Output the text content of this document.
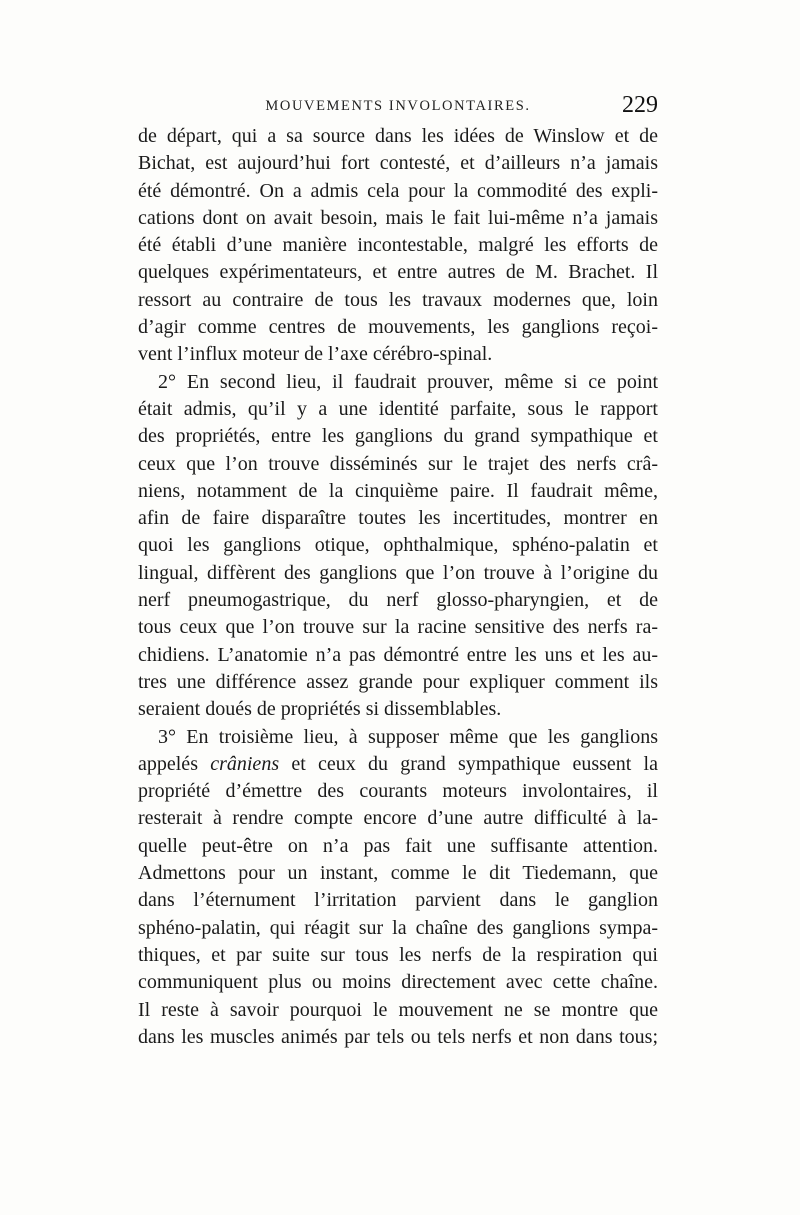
MOUVEMENTS INVOLONTAIRES.	229
de départ, qui a sa source dans les idées de Winslow et de
Bichat, est aujourd’hui fort contesté, et d’ailleurs n’a jamais
été démontré. On a admis cela pour la commodité des expli-
cations dont on avait besoin, mais le fait lui-même n’a jamais
été établi d’une manière incontestable, malgré les efforts de
quelques expérimentateurs, et entre autres de M. Brachet. Il
ressort au contraire de tous les travaux modernes que, loin
d’agir comme centres de mouvements, les ganglions reçoi-
vent l’influx moteur de l’axe cérébro-spinal.
2° En second lieu, il faudrait prouver, même si ce point
était admis, qu’il y a une identité parfaite, sous le rapport
des propriétés, entre les ganglions du grand sympathique et
ceux que l’on trouve disséminés sur le trajet des nerfs crâ-
niens, notamment de la cinquième paire. Il faudrait même,
afin de faire disparaître toutes les incertitudes, montrer en
quoi les ganglions otique, ophthalmique, sphéno-palatin et
lingual, diffèrent des ganglions que l’on trouve à l’origine du
nerf pneumogastrique, du nerf glosso-pharyngien, et de
tous ceux que l’on trouve sur la racine sensitive des nerfs ra-
chidiens. L’anatomie n’a pas démontré entre les uns et les au-
tres une différence assez grande pour expliquer comment ils
seraient doués de propriétés si dissemblables.
3° En troisième lieu, à supposer même que les ganglions
appelés crâniens et ceux du grand sympathique eussent la
propriété d’émettre des courants moteurs involontaires, il
resterait à rendre compte encore d’une autre difficulté à la-
quelle peut-être on n’a pas fait une suffisante attention.
Admettons pour un instant, comme le dit Tiedemann, que
dans l’éternument l’irritation parvient dans le ganglion
sphéno-palatin, qui réagit sur la chaîne des ganglions sympa-
thiques, et par suite sur tous les nerfs de la respiration qui
communiquent plus ou moins directement avec cette chaîne.
Il reste à savoir pourquoi le mouvement ne se montre que
dans les muscles animés par tels ou tels nerfs et non dans tous;
